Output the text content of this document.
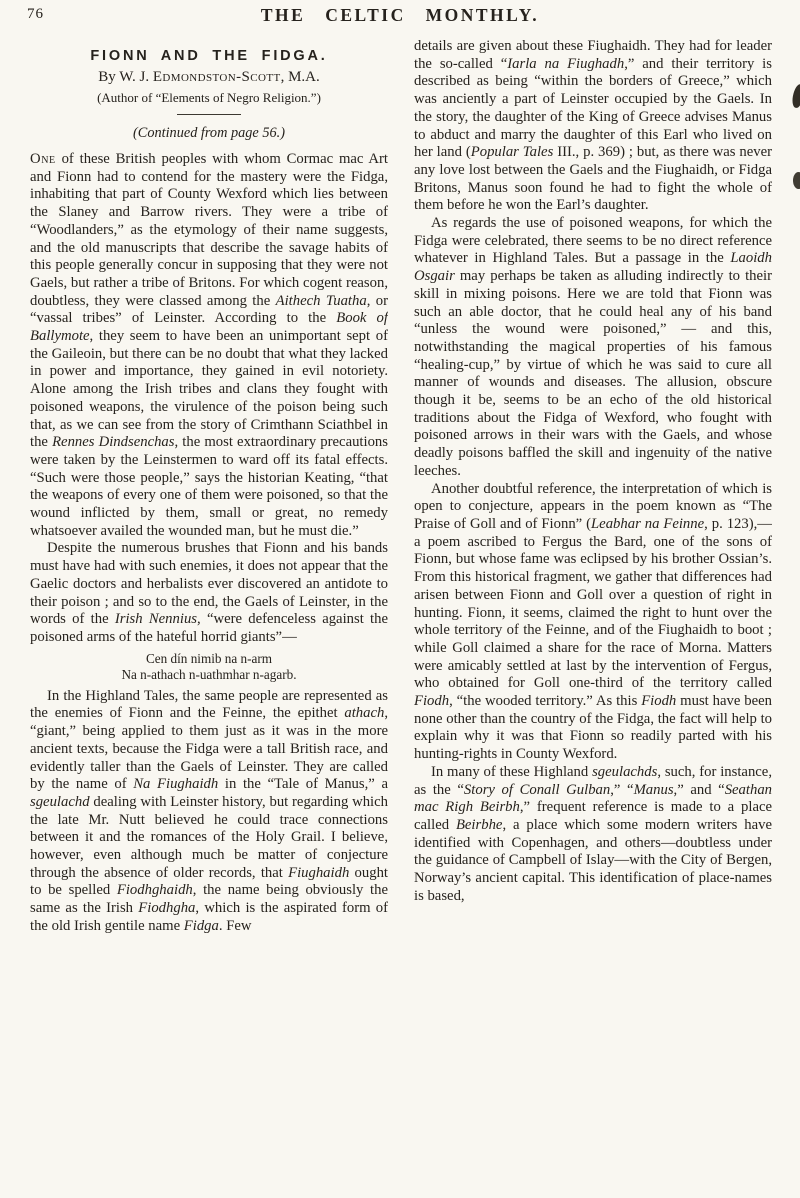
76	THE CELTIC MONTHLY.
FIONN AND THE FIDGA.
By W. J. Edmondston-Scott, M.A.
(Author of “Elements of Negro Religion.”)
(Continued from page 56.)

One of these British peoples with whom Cormac mac Art and Fionn had to contend for the mastery were the Fidga, inhabiting that part of County Wexford which lies between the Slaney and Barrow rivers. They were a tribe of “Woodlanders,” as the etymology of their name suggests, and the old manuscripts that describe the savage habits of this people generally concur in supposing that they were not Gaels, but rather a tribe of Britons. For which cogent reason, doubtless, they were classed among the Aithech Tuatha, or “vassal tribes” of Leinster. According to the Book of Ballymote, they seem to have been an unimportant sept of the Gaileoin, but there can be no doubt that what they lacked in power and importance, they gained in evil notoriety. Alone among the Irish tribes and clans they fought with poisoned weapons, the virulence of the poison being such that, as we can see from the story of Crimthann Sciathbel in the Rennes Dindsenchas, the most extraordinary precautions were taken by the Leinstermen to ward off its fatal effects. “Such were those people,” says the historian Keating, “that the weapons of every one of them were poisoned, so that the wound inflicted by them, small or great, no remedy whatsoever availed the wounded man, but he must die.”

Despite the numerous brushes that Fionn and his bands must have had with such enemies, it does not appear that the Gaelic doctors and herbalists ever discovered an antidote to their poison ; and so to the end, the Gaels of Leinster, in the words of the Irish Nennius, “were defenceless against the poisoned arms of the hateful horrid giants”—

Cen dín nimib na n-arm
Na n-athach n-uathmhar n-agarb.

In the Highland Tales, the same people are represented as the enemies of Fionn and the Feinne, the epithet athach, “giant,” being applied to them just as it was in the more ancient texts, because the Fidga were a tall British race, and evidently taller than the Gaels of Leinster. They are called by the name of Na Fiughaidh in the “Tale of Manus,” a sgeulachd dealing with Leinster history, but regarding which the late Mr. Nutt believed he could trace connections between it and the romances of the Holy Grail. I believe, however, even although much be matter of conjecture through the absence of older records, that Fiughaidh ought to be spelled Fiodhghaidh, the name being obviously the same as the Irish Fiodhgha, which is the aspirated form of the old Irish gentile name Fidga. Few

details are given about these Fiughaidh. They had for leader the so-called “Iarla na Fiughadh,” and their territory is described as being “within the borders of Greece,” which was anciently a part of Leinster occupied by the Gaels. In the story, the daughter of the King of Greece advises Manus to abduct and marry the daughter of this Earl who lived on her land (Popular Tales III., p. 369) ; but, as there was never any love lost between the Gaels and the Fiughaidh, or Fidga Britons, Manus soon found he had to fight the whole of them before he won the Earl’s daughter.

As regards the use of poisoned weapons, for which the Fidga were celebrated, there seems to be no direct reference whatever in Highland Tales. But a passage in the Laoidh Osgair may perhaps be taken as alluding indirectly to their skill in mixing poisons. Here we are told that Fionn was such an able doctor, that he could heal any of his band “unless the wound were poisoned,” — and this, notwithstanding the magical properties of his famous “healing-cup,” by virtue of which he was said to cure all manner of wounds and diseases. The allusion, obscure though it be, seems to be an echo of the old historical traditions about the Fidga of Wexford, who fought with poisoned arrows in their wars with the Gaels, and whose deadly poisons baffled the skill and ingenuity of the native leeches.

Another doubtful reference, the interpretation of which is open to conjecture, appears in the poem known as “The Praise of Goll and of Fionn” (Leabhar na Feinne, p. 123),—a poem ascribed to Fergus the Bard, one of the sons of Fionn, but whose fame was eclipsed by his brother Ossian’s. From this historical fragment, we gather that differences had arisen between Fionn and Goll over a question of right in hunting. Fionn, it seems, claimed the right to hunt over the whole territory of the Feinne, and of the Fiughaidh to boot ; while Goll claimed a share for the race of Morna. Matters were amicably settled at last by the intervention of Fergus, who obtained for Goll one-third of the territory called Fiodh, “the wooded territory.” As this Fiodh must have been none other than the country of the Fidga, the fact will help to explain why it was that Fionn so readily parted with his hunting-rights in County Wexford.

In many of these Highland sgeulachds, such, for instance, as the “Story of Conall Gulban,” “Manus,” and “Seathan mac Righ Beirbh,” frequent reference is made to a place called Beirbhe, a place which some modern writers have identified with Copenhagen, and others—doubtless under the guidance of Campbell of Islay—with the City of Bergen, Norway’s ancient capital. This identification of place-names is based,
